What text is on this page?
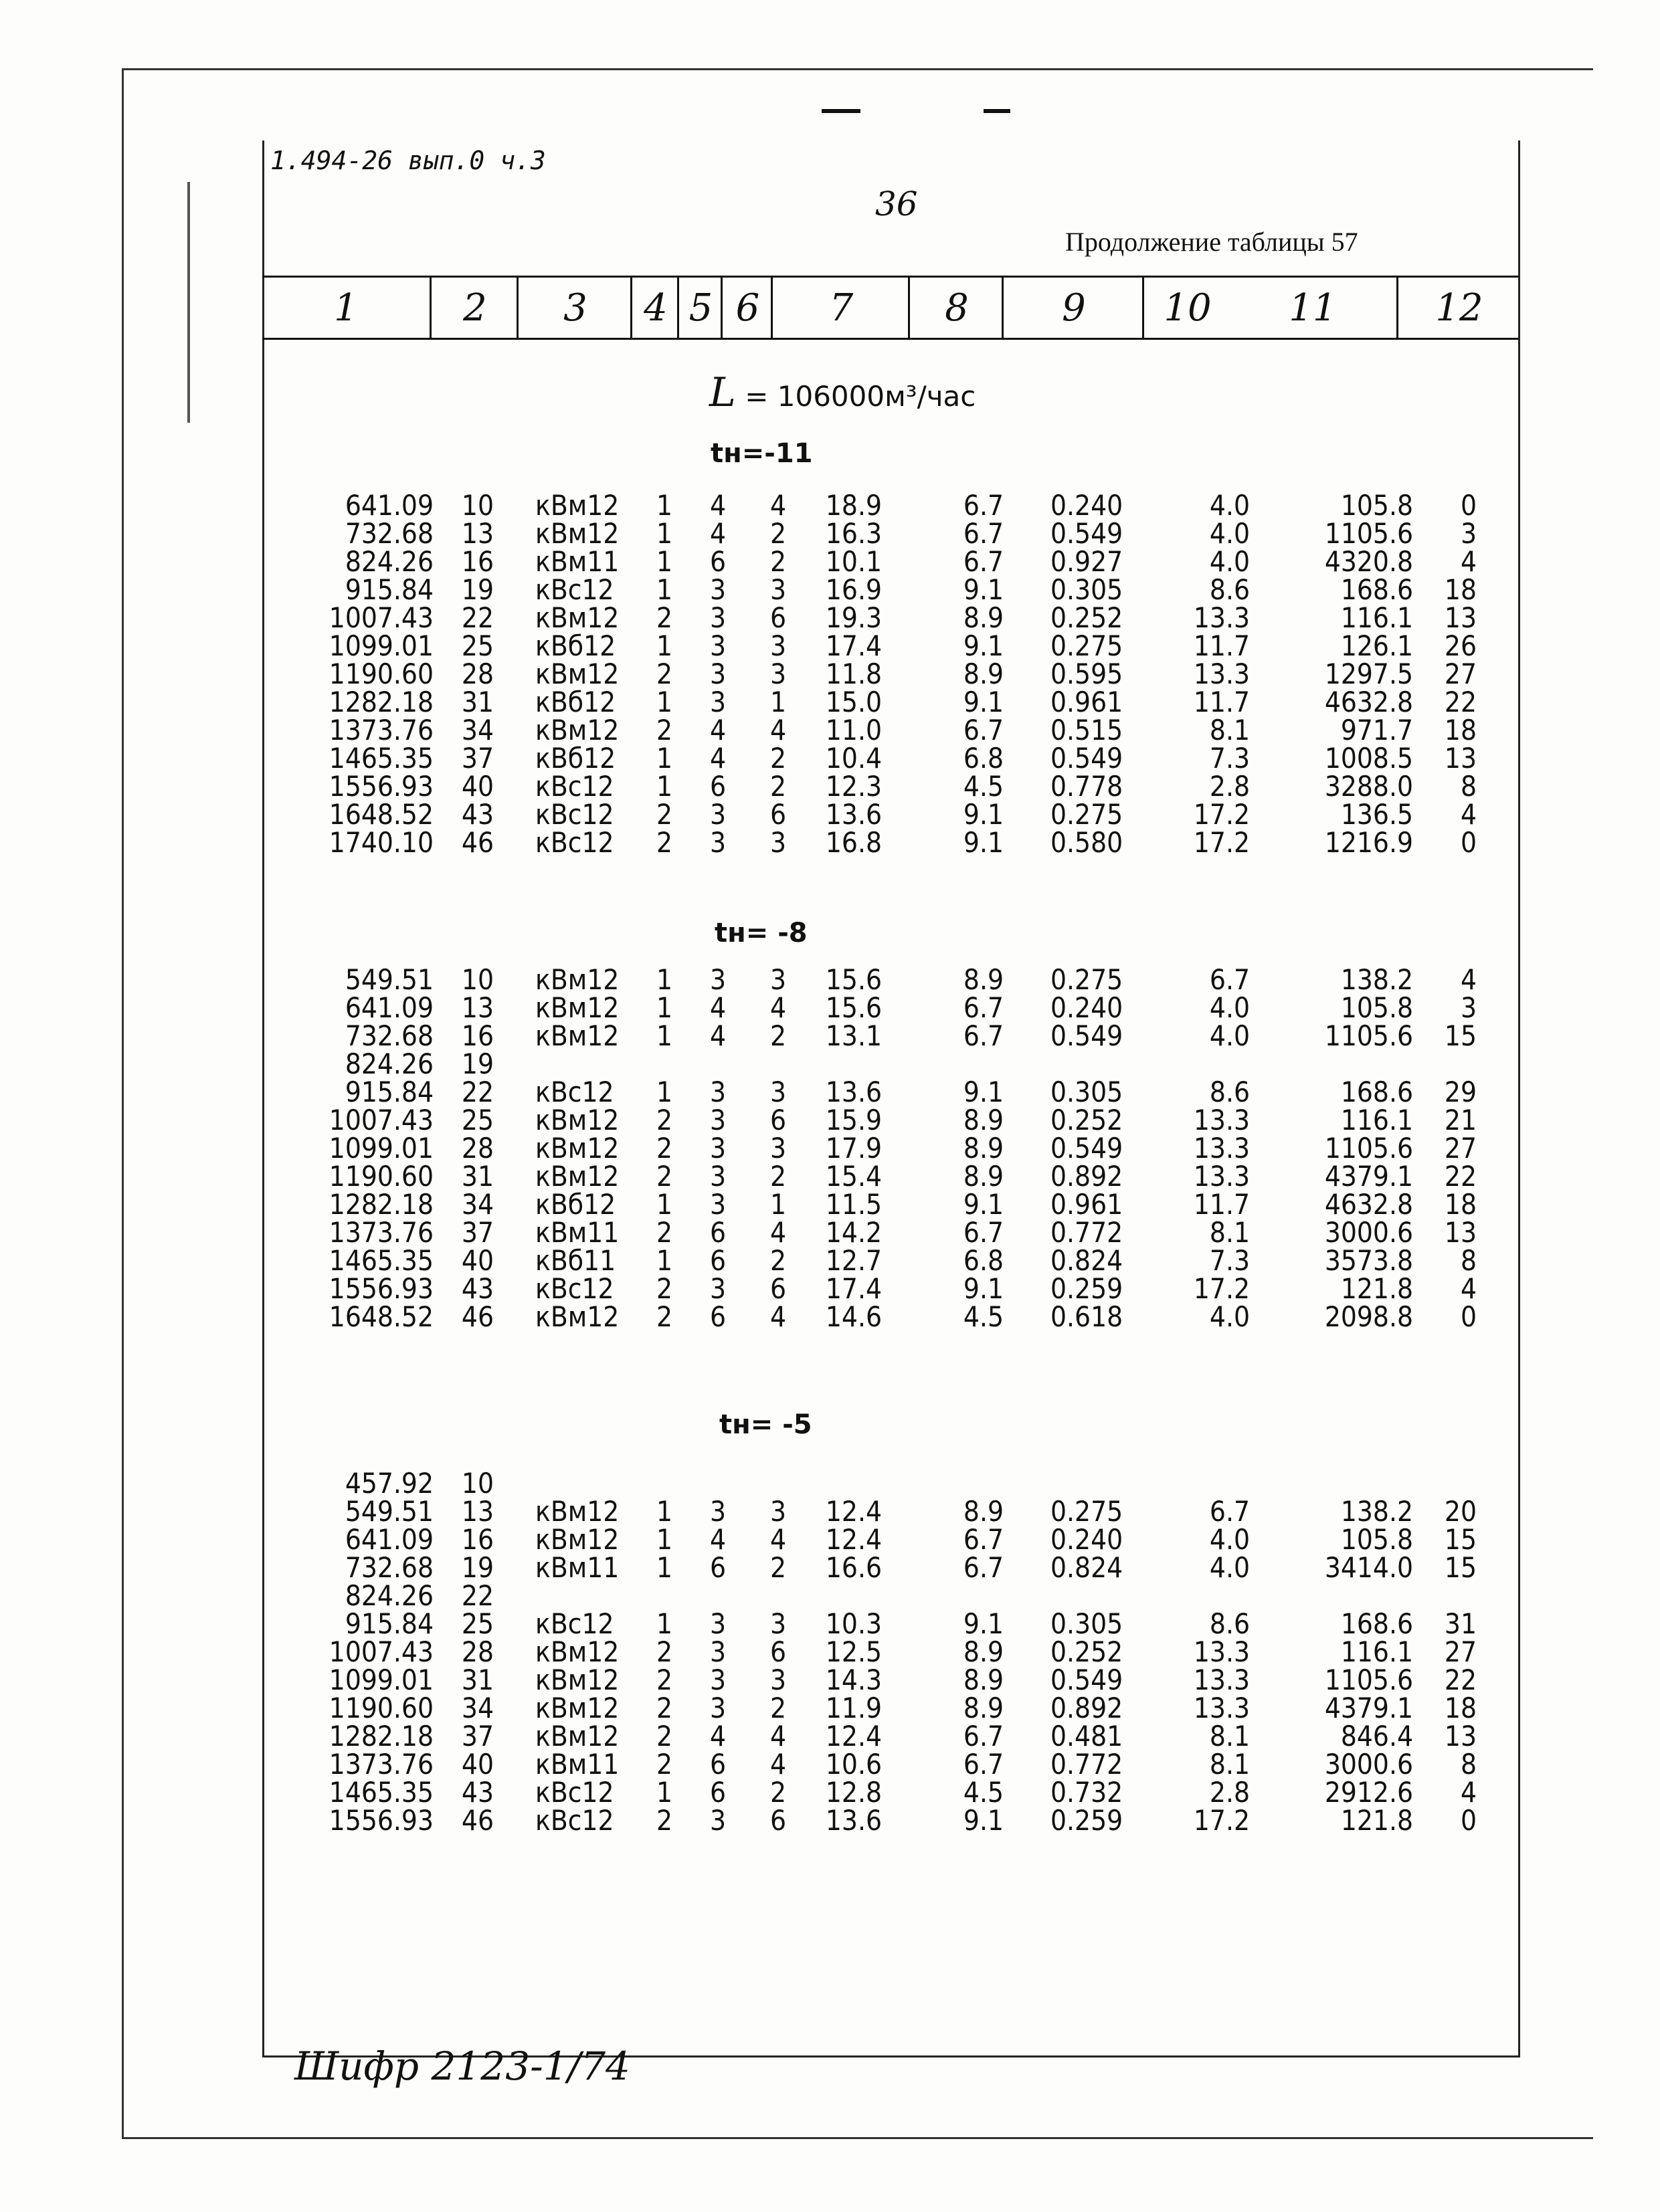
1.494-26 вып.0 ч.3
36
Продолжение таблицы 57
1	2	3	4 5 6	7	8	9	10	11	12
L = 106000м³/час
tн=-11
641.09 10 кВм12	1	4	4	18.9	6.7 0.240	4.0	105.8	0
732.68 13 кВм12	1	4	2	16.3	6.7 0.549	4.0	1105.6	3
824.26 16 кВм11	1	6	2	10.1	6.7 0.927	4.0	4320.8	4
915.84 19 кВс12	1	3	3	16.9	9.1 0.305	8.6	168.6	18
1007.43 22 кВм12	2	3	6	19.3	8.9 0.252	13.3	116.1	13
1099.01 25 кВб12	1	3	3	17.4	9.1 0.275	11.7	126.1	26
1190.60 28 кВм12	2	3	3	11.8	8.9 0.595	13.3	1297.5	27
1282.18 31 кВб12	1	3	1	15.0	9.1 0.961	11.7	4632.8	22
1373.76 34 кВм12	2	4	4	11.0	6.7 0.515	8.1	971.7	18
1465.35 37 кВб12	1	4	2	10.4	6.8 0.549	7.3	1008.5	13
1556.93 40 кВс12	1	6	2	12.3	4.5 0.778	2.8	3288.0	8
1648.52 43 кВс12	2	3	6	13.6	9.1 0.275	17.2	136.5	4
1740.10 46 кВс12	2	3	3	16.8	9.1 0.580	17.2	1216.9	0
tн= -8
549.51 10 кВм12	1	3	3	15.6	8.9 0.275	6.7	138.2	4
641.09 13 кВм12	1	4	4	15.6	6.7 0.240	4.0	105.8	3
732.68 16 кВм12	1	4	2	13.1	6.7 0.549	4.0	1105.6	15
824.26 19
915.84 22 кВс12	1	3	3	13.6	9.1 0.305	8.6	168.6	29
1007.43 25 кВм12	2	3	6	15.9	8.9 0.252	13.3	116.1	21
1099.01 28 кВм12	2	3	3	17.9	8.9 0.549	13.3	1105.6	27
1190.60 31 кВм12	2	3	2	15.4	8.9 0.892	13.3	4379.1	22
1282.18 34 кВб12	1	3	1	11.5	9.1 0.961	11.7	4632.8	18
1373.76 37 кВм11	2	6	4	14.2	6.7 0.772	8.1	3000.6	13
1465.35 40 кВб11	1	6	2	12.7	6.8 0.824	7.3	3573.8	8
1556.93 43 кВс12	2	3	6	17.4	9.1 0.259	17.2	121.8	4
1648.52 46 кВм12	2	6	4	14.6	4.5 0.618	4.0	2098.8	0
tн= -5
457.92 10
549.51 13 кВм12	1	3	3	12.4	8.9 0.275	6.7	138.2	20
641.09 16 кВм12	1	4	4	12.4	6.7 0.240	4.0	105.8	15
732.68 19 кВм11	1	6	2	16.6	6.7 0.824	4.0	3414.0	15
824.26 22
915.84 25 кВс12	1	3	3	10.3	9.1 0.305	8.6	168.6	31
1007.43 28 кВм12	2	3	6	12.5	8.9 0.252	13.3	116.1	27
1099.01 31 кВм12	2	3	3	14.3	8.9 0.549	13.3	1105.6	22
1190.60 34 кВм12	2	3	2	11.9	8.9 0.892	13.3	4379.1	18
1282.18 37 кВм12	2	4	4	12.4	6.7 0.481	8.1	846.4	13
1373.76 40 кВм11	2	6	4	10.6	6.7 0.772	8.1	3000.6	8
1465.35 43 кВс12	1	6	2	12.8	4.5 0.732	2.8	2912.6	4
1556.93 46 кВс12	2	3	6	13.6	9.1 0.259	17.2	121.8	0
Шифр 2123-1/74
